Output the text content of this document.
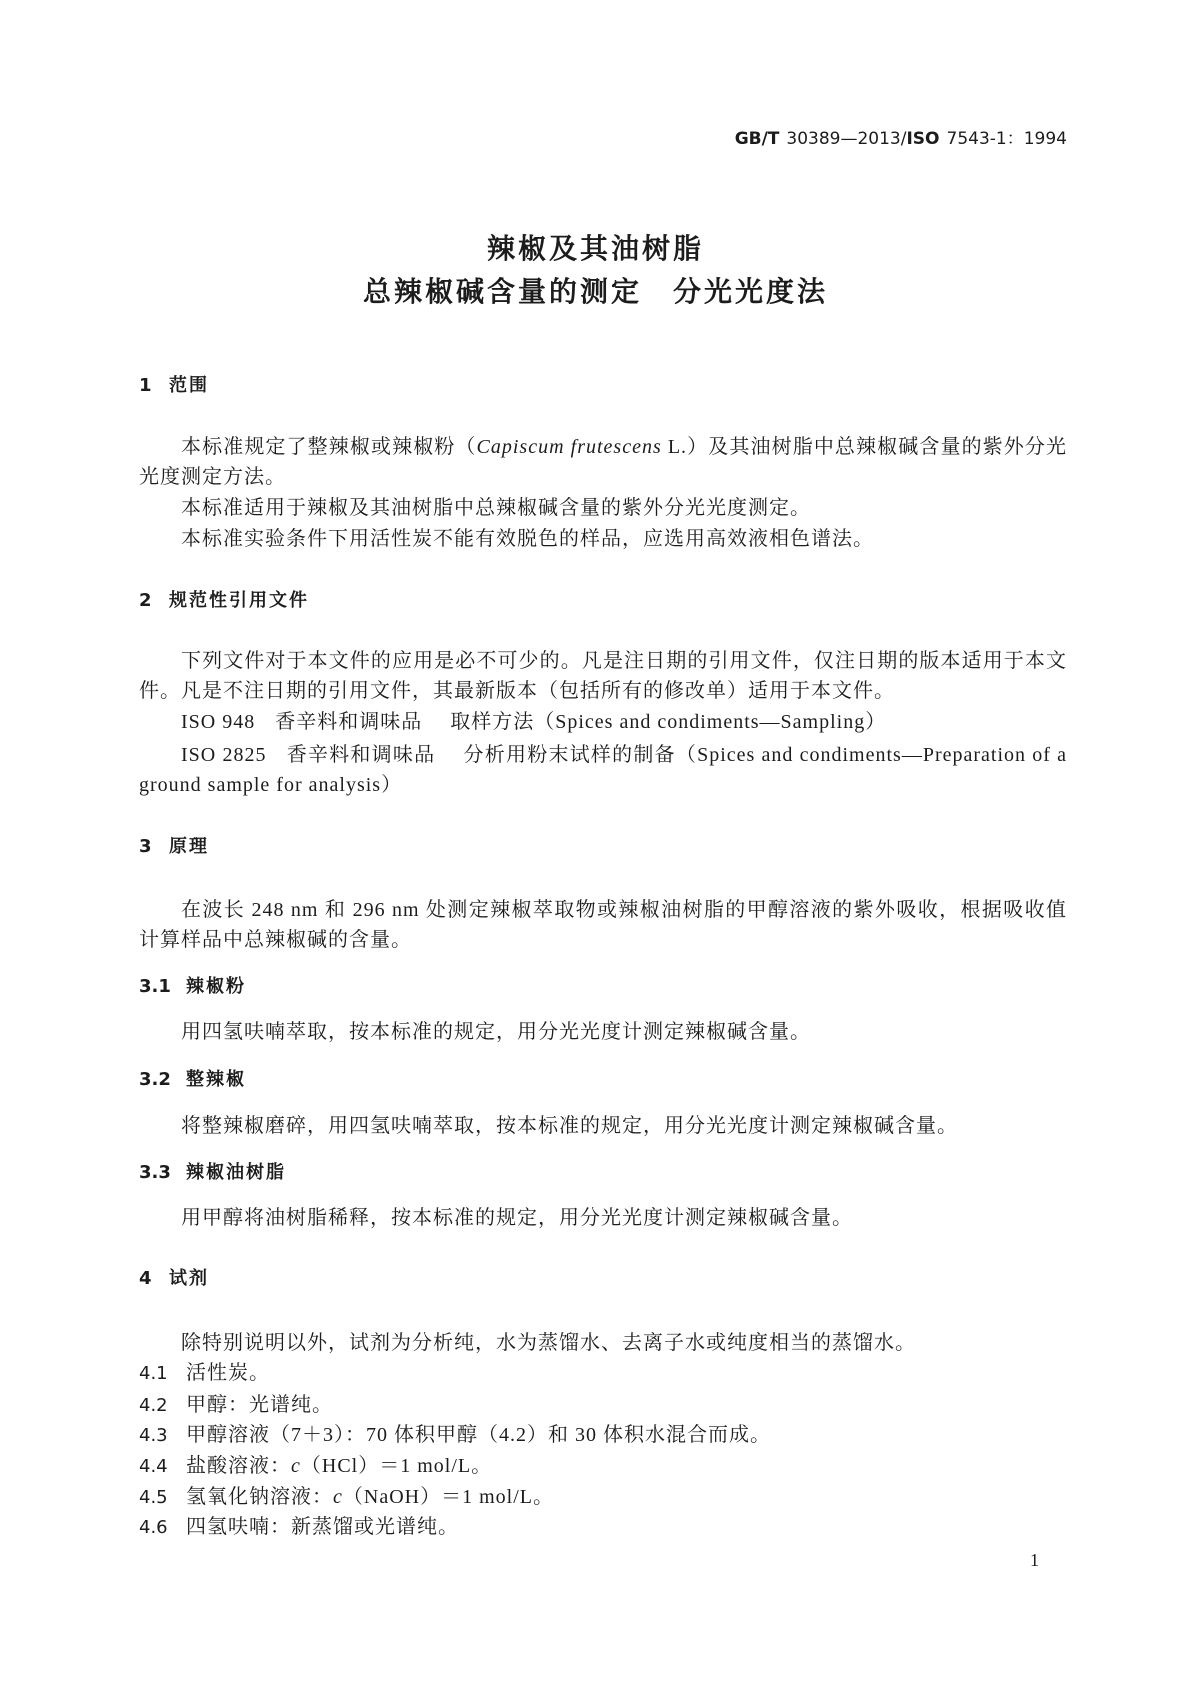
GB/T 30389—2013/ISO 7543-1：1994
辣椒及其油树脂
总辣椒碱含量的测定　分光光度法
1 范围
本标准规定了整辣椒或辣椒粉（Capiscum frutescens L.）及其油树脂中总辣椒碱含量的紫外分光光度测定方法。
本标准适用于辣椒及其油树脂中总辣椒碱含量的紫外分光光度测定。
本标准实验条件下用活性炭不能有效脱色的样品，应选用高效液相色谱法。
2 规范性引用文件
下列文件对于本文件的应用是必不可少的。凡是注日期的引用文件，仅注日期的版本适用于本文件。凡是不注日期的引用文件，其最新版本（包括所有的修改单）适用于本文件。
ISO 948 香辛料和调味品 取样方法（Spices and condiments—Sampling）
ISO 2825 香辛料和调味品 分析用粉末试样的制备（Spices and condiments—Preparation of a ground sample for analysis）
3 原理
在波长 248 nm 和 296 nm 处测定辣椒萃取物或辣椒油树脂的甲醇溶液的紫外吸收，根据吸收值计算样品中总辣椒碱的含量。
3.1 辣椒粉
用四氢呋喃萃取，按本标准的规定，用分光光度计测定辣椒碱含量。
3.2 整辣椒
将整辣椒磨碎，用四氢呋喃萃取，按本标准的规定，用分光光度计测定辣椒碱含量。
3.3 辣椒油树脂
用甲醇将油树脂稀释，按本标准的规定，用分光光度计测定辣椒碱含量。
4 试剂
除特别说明以外，试剂为分析纯，水为蒸馏水、去离子水或纯度相当的蒸馏水。
4.1 活性炭。
4.2 甲醇：光谱纯。
4.3 甲醇溶液（7＋3）：70 体积甲醇（4.2）和 30 体积水混合而成。
4.4 盐酸溶液：c（HCl）＝1 mol/L。
4.5 氢氧化钠溶液：c（NaOH）＝1 mol/L。
4.6 四氢呋喃：新蒸馏或光谱纯。
1
